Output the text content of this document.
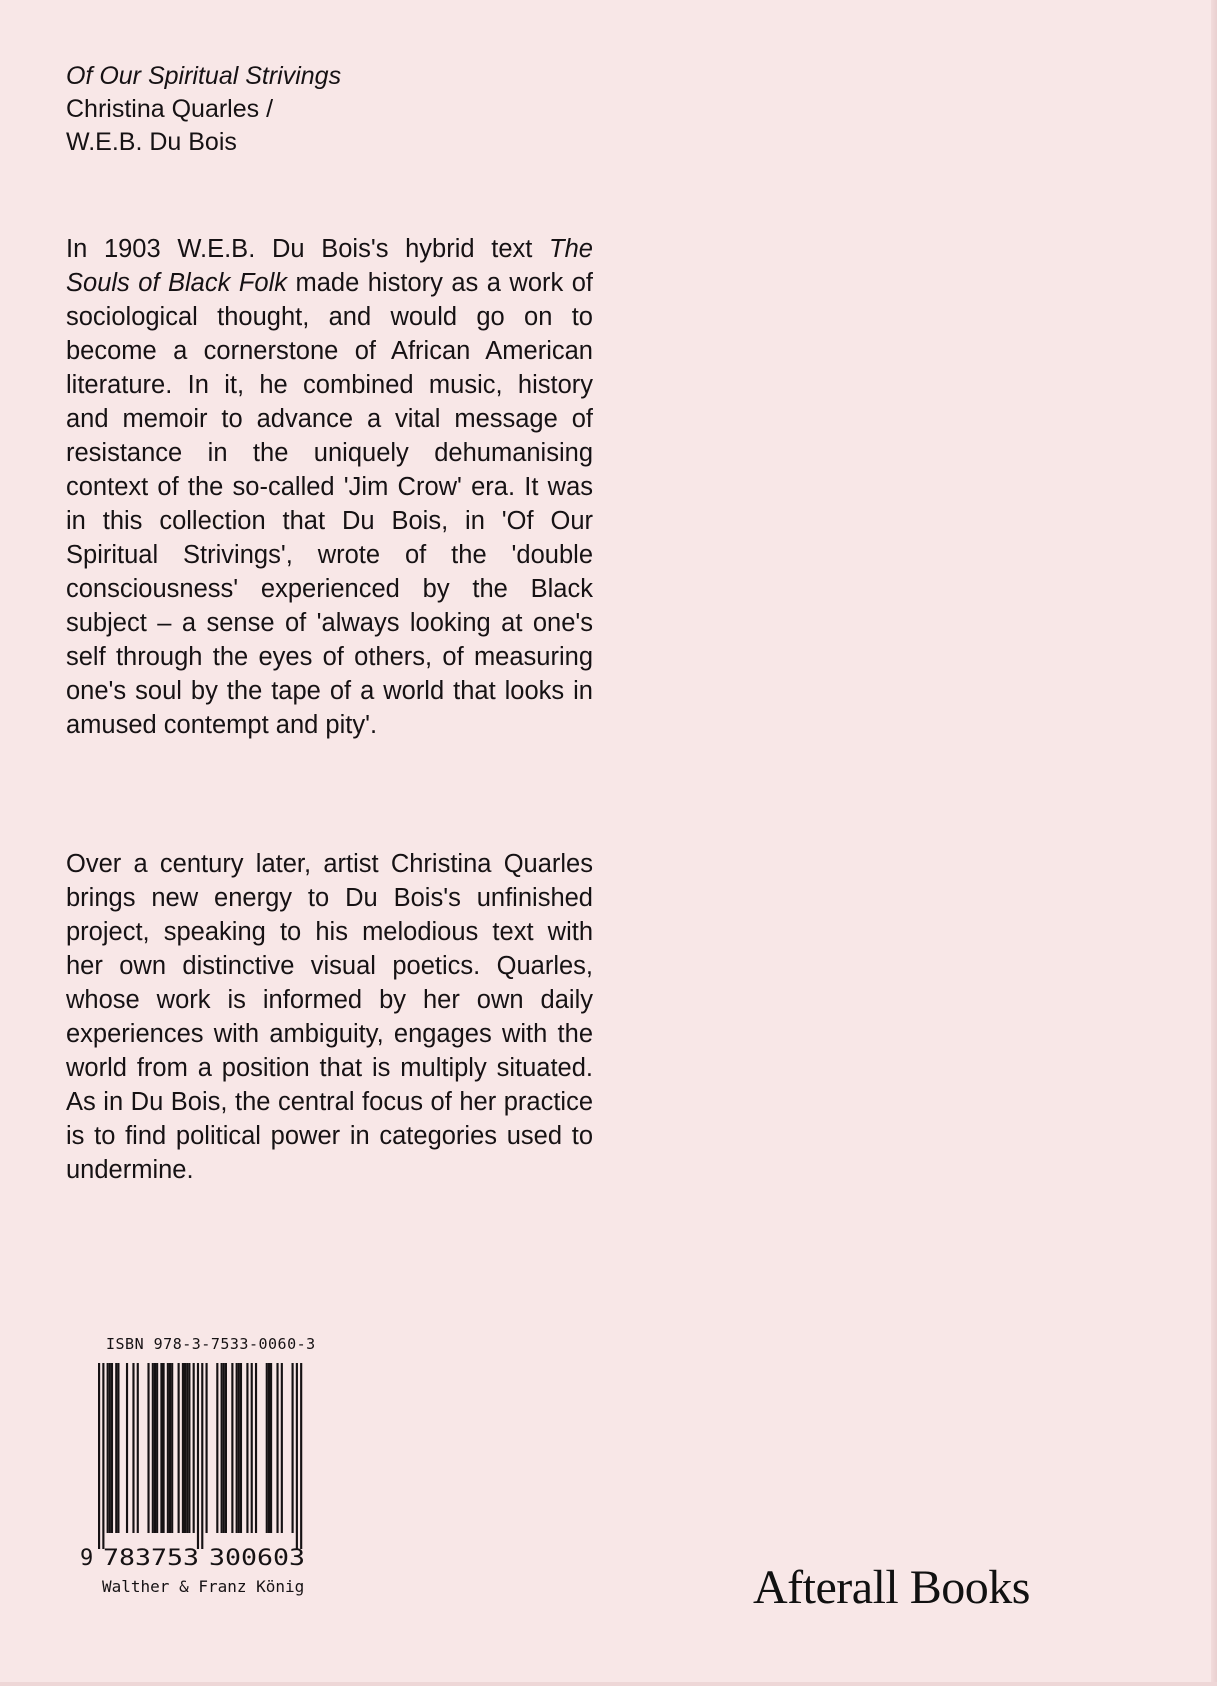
Of Our Spiritual Strivings
Christina Quarles /
W.E.B. Du Bois

In 1903 W.E.B. Du Bois's hybrid text The Souls of Black Folk made history as a work of sociological thought, and would go on to become a cornerstone of African American literature. In it, he combined music, history and memoir to advance a vital message of resistance in the uniquely dehumanising context of the so-called 'Jim Crow' era. It was in this collection that Du Bois, in 'Of Our Spiritual Strivings', wrote of the 'double consciousness' experienced by the Black subject – a sense of 'always looking at one's self through the eyes of others, of measuring one's soul by the tape of a world that looks in amused contempt and pity'.

Over a century later, artist Christina Quarles brings new energy to Du Bois's unfinished project, speaking to his melodious text with her own distinctive visual poetics. Quarles, whose work is informed by her own daily experiences with ambiguity, engages with the world from a position that is multiply situated. As in Du Bois, the central focus of her practice is to find political power in categories used to undermine.

ISBN 978-3-7533-0060-3
9 783753 300603
Walther & Franz König	Afterall Books
